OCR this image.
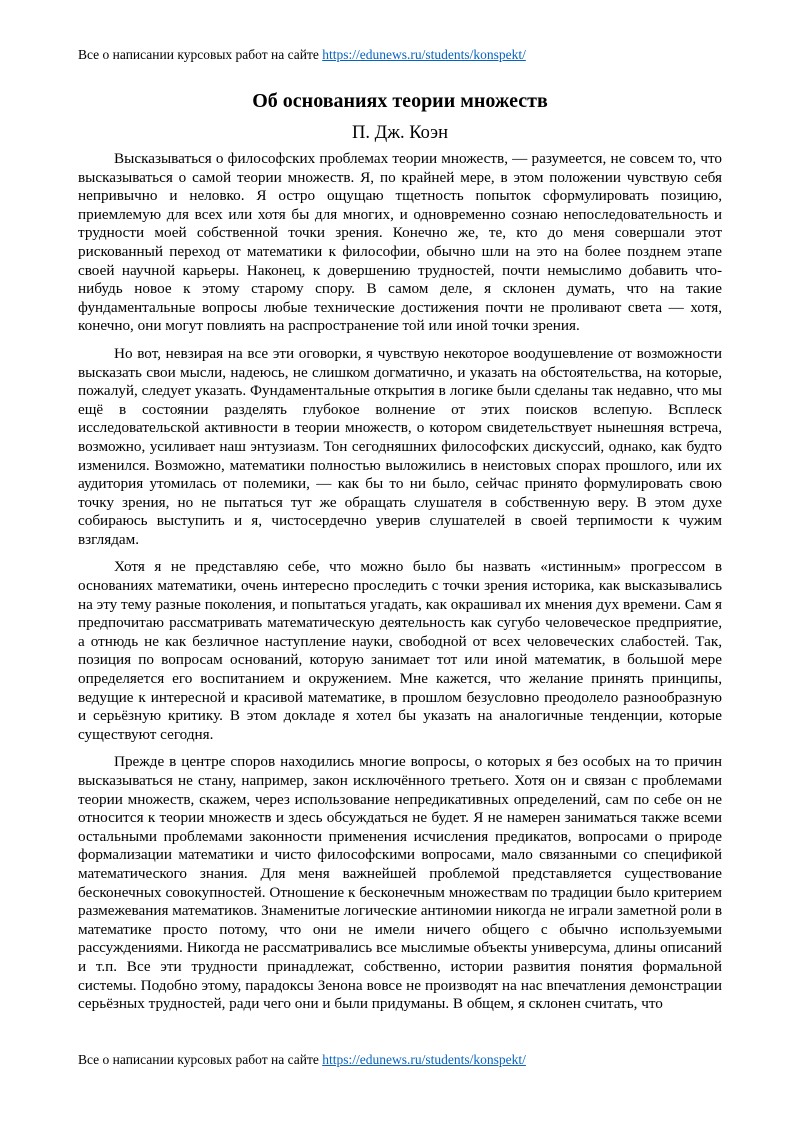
Все о написании курсовых работ на сайте https://edunews.ru/students/konspekt/
Об основаниях теории множеств
П. Дж. Коэн

Высказываться о философских проблемах теории множеств, — разумеется, не совсем то, что высказываться о самой теории множеств. Я, по крайней мере, в этом положении чувствую себя непривычно и неловко. Я остро ощущаю тщетность попыток сформулировать позицию, приемлемую для всех или хотя бы для многих, и одновременно сознаю непоследовательность и трудности моей собственной точки зрения. Конечно же, те, кто до меня совершали этот рискованный переход от математики к философии, обычно шли на это на более позднем этапе своей научной карьеры. Наконец, к довершению трудностей, почти немыслимо добавить что-нибудь новое к этому старому спору. В самом деле, я склонен думать, что на такие фундаментальные вопросы любые технические достижения почти не проливают света — хотя, конечно, они могут повлиять на распространение той или иной точки зрения.

Но вот, невзирая на все эти оговорки, я чувствую некоторое воодушевление от возможности высказать свои мысли, надеюсь, не слишком догматично, и указать на обстоятельства, на которые, пожалуй, следует указать. Фундаментальные открытия в логике были сделаны так недавно, что мы ещё в состоянии разделять глубокое волнение от этих поисков вслепую. Всплеск исследовательской активности в теории множеств, о котором свидетельствует нынешняя встреча, возможно, усиливает наш энтузиазм. Тон сегодняшних философских дискуссий, однако, как будто изменился. Возможно, математики полностью выложились в неистовых спорах прошлого, или их аудитория утомилась от полемики, — как бы то ни было, сейчас принято формулировать свою точку зрения, но не пытаться тут же обращать слушателя в собственную веру. В этом духе собираюсь выступить и я, чистосердечно уверив слушателей в своей терпимости к чужим взглядам.

Хотя я не представляю себе, что можно было бы назвать «истинным» прогрессом в основаниях математики, очень интересно проследить с точки зрения историка, как высказывались на эту тему разные поколения, и попытаться угадать, как окрашивал их мнения дух времени. Сам я предпочитаю рассматривать математическую деятельность как сугубо человеческое предприятие, а отнюдь не как безличное наступление науки, свободной от всех человеческих слабостей. Так, позиция по вопросам оснований, которую занимает тот или иной математик, в большой мере определяется его воспитанием и окружением. Мне кажется, что желание принять принципы, ведущие к интересной и красивой математике, в прошлом безусловно преодолело разнообразную и серьёзную критику. В этом докладе я хотел бы указать на аналогичные тенденции, которые существуют сегодня.

Прежде в центре споров находились многие вопросы, о которых я без особых на то причин высказываться не стану, например, закон исключённого третьего. Хотя он и связан с проблемами теории множеств, скажем, через использование непредикативных определений, сам по себе он не относится к теории множеств и здесь обсуждаться не будет. Я не намерен заниматься также всеми остальными проблемами законности применения исчисления предикатов, вопросами о природе формализации математики и чисто философскими вопросами, мало связанными со спецификой математического знания. Для меня важнейшей проблемой представляется существование бесконечных совокупностей. Отношение к бесконечным множествам по традиции было критерием размежевания математиков. Знаменитые логические антиномии никогда не играли заметной роли в математике просто потому, что они не имели ничего общего с обычно используемыми рассуждениями. Никогда не рассматривались все мыслимые объекты универсума, длины описаний и т.п. Все эти трудности принадлежат, собственно, истории развития понятия формальной системы. Подобно этому, парадоксы Зенона вовсе не производят на нас впечатления демонстрации серьёзных трудностей, ради чего они и были придуманы. В общем, я склонен считать, что

Все о написании курсовых работ на сайте https://edunews.ru/students/konspekt/
